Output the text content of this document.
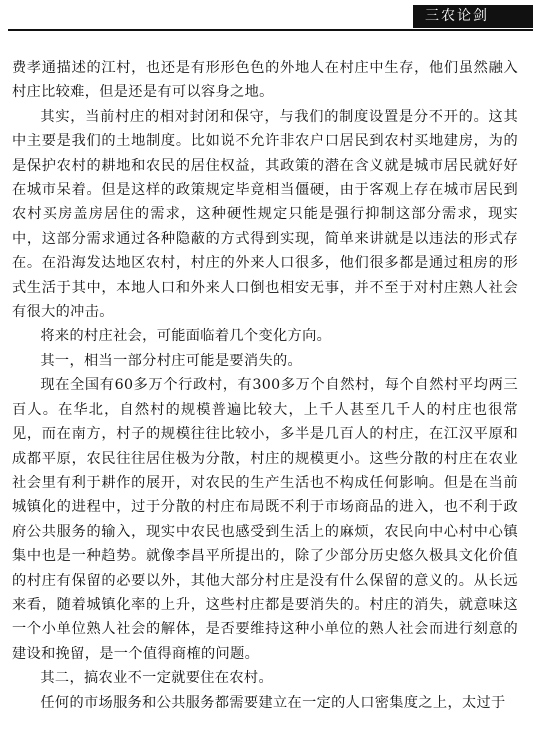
三农论剑

费孝通描述的江村，也还是有形形色色的外地人在村庄中生存，他们虽然融入村庄比较难，但是还是有可以容身之地。

其实，当前村庄的相对封闭和保守，与我们的制度设置是分不开的。这其中主要是我们的土地制度。比如说不允许非农户口居民到农村买地建房，为的是保护农村的耕地和农民的居住权益，其政策的潜在含义就是城市居民就好好在城市呆着。但是这样的政策规定毕竟相当僵硬，由于客观上存在城市居民到农村买房盖房居住的需求，这种硬性规定只能是强行抑制这部分需求，现实中，这部分需求通过各种隐蔽的方式得到实现，简单来讲就是以违法的形式存在。在沿海发达地区农村，村庄的外来人口很多，他们很多都是通过租房的形式生活于其中，本地人口和外来人口倒也相安无事，并不至于对村庄熟人社会有很大的冲击。

将来的村庄社会，可能面临着几个变化方向。

其一，相当一部分村庄可能是要消失的。

现在全国有60多万个行政村，有300多万个自然村，每个自然村平均两三百人。在华北，自然村的规模普遍比较大，上千人甚至几千人的村庄也很常见，而在南方，村子的规模往往比较小，多半是几百人的村庄，在江汉平原和成都平原，农民往往居住极为分散，村庄的规模更小。这些分散的村庄在农业社会里有利于耕作的展开，对农民的生产生活也不构成任何影响。但是在当前城镇化的进程中，过于分散的村庄布局既不利于市场商品的进入，也不利于政府公共服务的输入，现实中农民也感受到生活上的麻烦，农民向中心村中心镇集中也是一种趋势。就像李昌平所提出的，除了少部分历史悠久极具文化价值的村庄有保留的必要以外，其他大部分村庄是没有什么保留的意义的。从长远来看，随着城镇化率的上升，这些村庄都是要消失的。村庄的消失，就意味这一个小单位熟人社会的解体，是否要维持这种小单位的熟人社会而进行刻意的建设和挽留，是一个值得商榷的问题。

其二，搞农业不一定就要住在农村。

任何的市场服务和公共服务都需要建立在一定的人口密集度之上，太过于
